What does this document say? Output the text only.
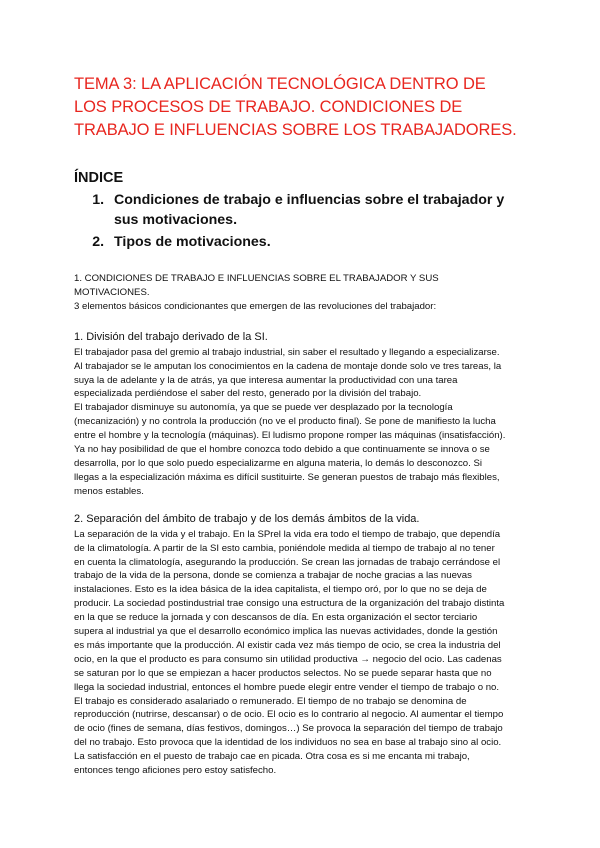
TEMA 3: LA APLICACIÓN TECNOLÓGICA DENTRO DE
LOS PROCESOS DE TRABAJO. CONDICIONES DE
TRABAJO E INFLUENCIAS SOBRE LOS TRABAJADORES.
ÍNDICE
1. Condiciones de trabajo e influencias sobre el trabajador y sus motivaciones.
2. Tipos de motivaciones.

1. CONDICIONES DE TRABAJO E INFLUENCIAS SOBRE EL TRABAJADOR Y SUS
MOTIVACIONES.
3 elementos básicos condicionantes que emergen de las revoluciones del trabajador:

1. División del trabajo derivado de la SI.

El trabajador pasa del gremio al trabajo industrial, sin saber el resultado y llegando a especializarse.
Al trabajador se le amputan los conocimientos en la cadena de montaje donde solo ve tres tareas, la
suya la de adelante y la de atrás, ya que interesa aumentar la productividad con una tarea
especializada perdiéndose el saber del resto, generado por la división del trabajo.
El trabajador disminuye su autonomía, ya que se puede ver desplazado por la tecnología
(mecanización) y no controla la producción (no ve el producto final). Se pone de manifiesto la lucha
entre el hombre y la tecnología (máquinas). El ludismo propone romper las máquinas (insatisfacción).
Ya no hay posibilidad de que el hombre conozca todo debido a que continuamente se innova o se
desarrolla, por lo que solo puedo especializarme en alguna materia, lo demás lo desconozco. Si
llegas a la especialización máxima es difícil sustituirte. Se generan puestos de trabajo más flexibles,
menos estables.

2. Separación del ámbito de trabajo y de los demás ámbitos de la vida.

La separación de la vida y el trabajo. En la SPrel la vida era todo el tiempo de trabajo, que dependía
de la climatología. A partir de la SI esto cambia, poniéndole medida al tiempo de trabajo al no tener
en cuenta la climatología, asegurando la producción. Se crean las jornadas de trabajo cerrándose el
trabajo de la vida de la persona, donde se comienza a trabajar de noche gracias a las nuevas
instalaciones. Esto es la idea básica de la idea capitalista, el tiempo oró, por lo que no se deja de
producir. La sociedad postindustrial trae consigo una estructura de la organización del trabajo distinta
en la que se reduce la jornada y con descansos de día. En esta organización el sector terciario
supera al industrial ya que el desarrollo económico implica las nuevas actividades, donde la gestión
es más importante que la producción. Al existir cada vez más tiempo de ocio, se crea la industria del
ocio, en la que el producto es para consumo sin utilidad productiva → negocio del ocio. Las cadenas
se saturan por lo que se empiezan a hacer productos selectos. No se puede separar hasta que no
llega la sociedad industrial, entonces el hombre puede elegir entre vender el tiempo de trabajo o no.
El trabajo es considerado asalariado o remunerado. El tiempo de no trabajo se denomina de
reproducción (nutrirse, descansar) o de ocio. El ocio es lo contrario al negocio. Al aumentar el tiempo
de ocio (fines de semana, días festivos, domingos…) Se provoca la separación del tiempo de trabajo
del no trabajo. Esto provoca que la identidad de los individuos no sea en base al trabajo sino al ocio.
La satisfacción en el puesto de trabajo cae en picada. Otra cosa es si me encanta mi trabajo,
entonces tengo aficiones pero estoy satisfecho.
